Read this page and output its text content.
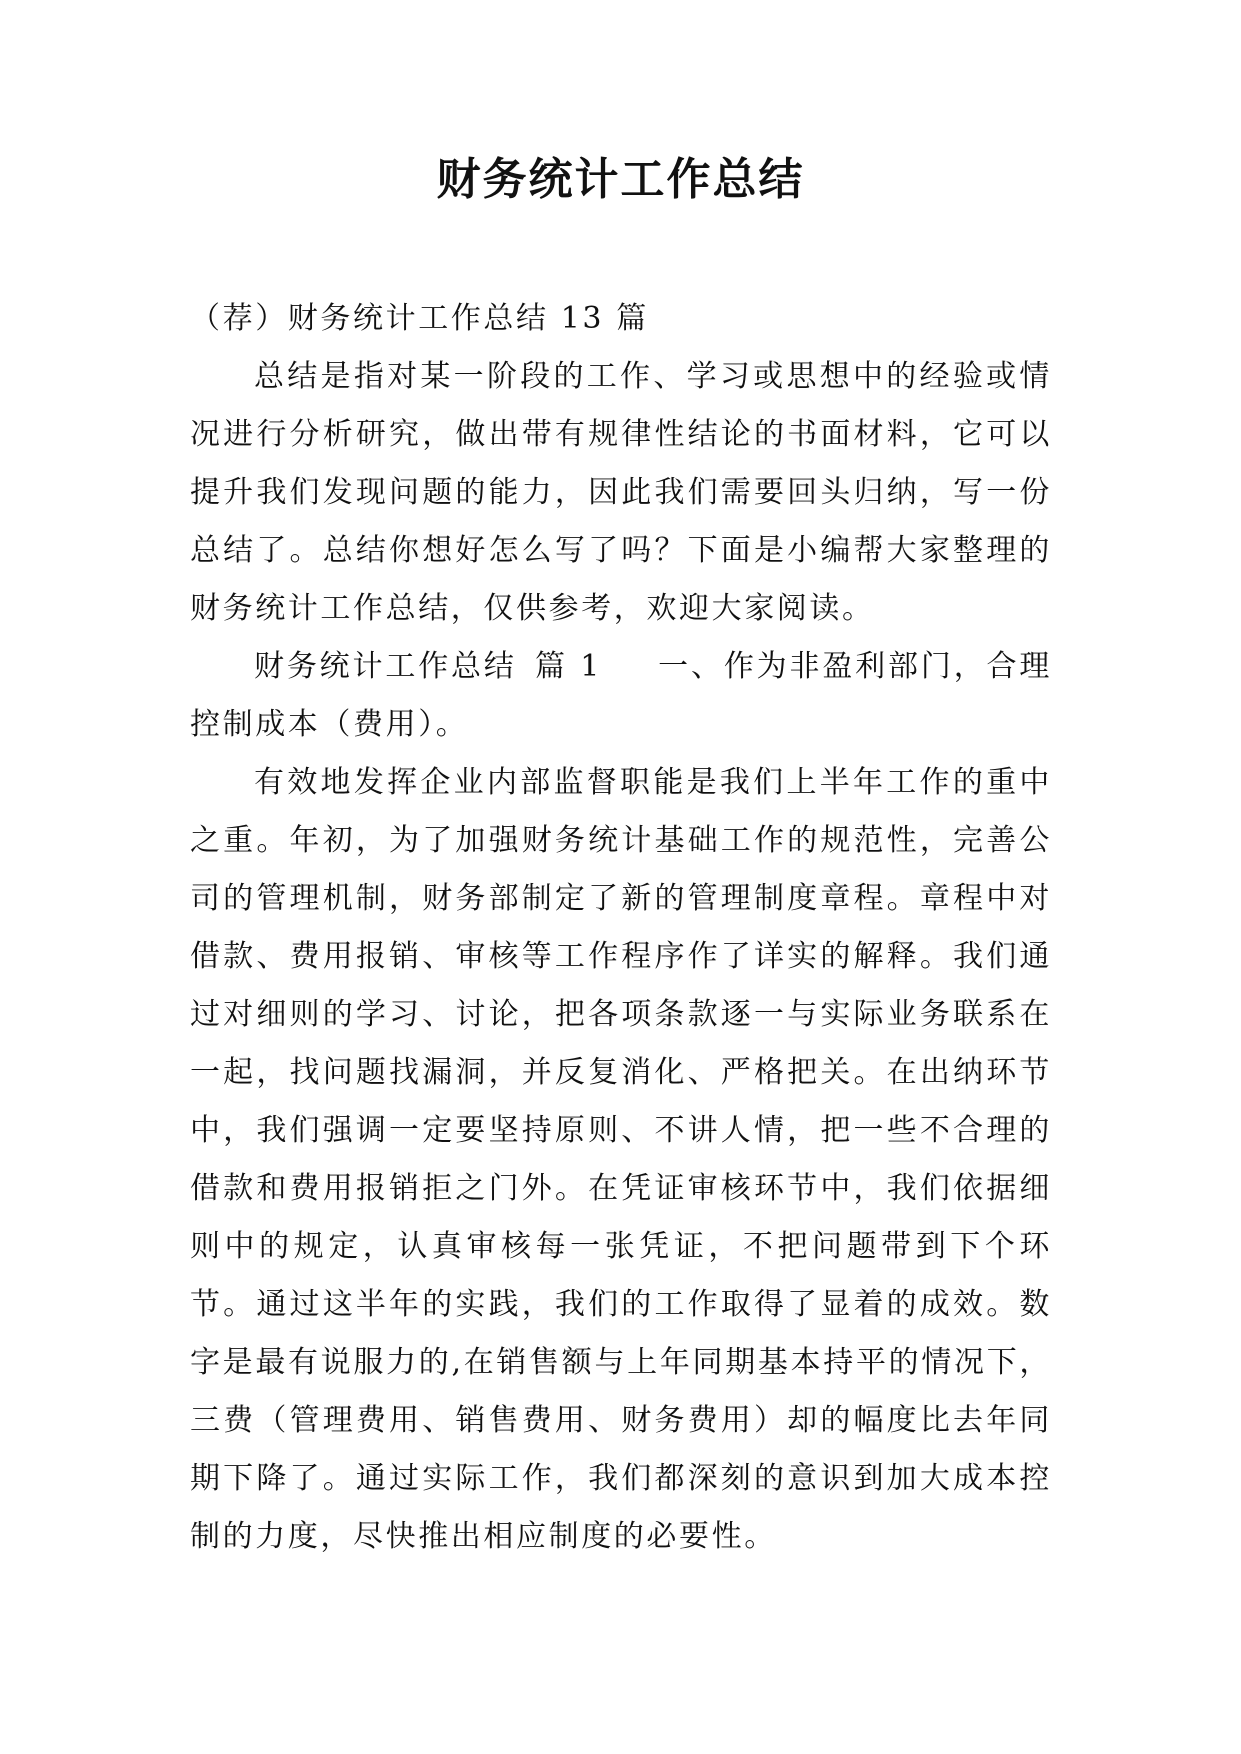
财务统计工作总结

（荐）财务统计工作总结 13 篇

总结是指对某一阶段的工作、学习或思想中的经验或情况进行分析研究，做出带有规律性结论的书面材料，它可以提升我们发现问题的能力，因此我们需要回头归纳，写一份总结了。总结你想好怎么写了吗？下面是小编帮大家整理的财务统计工作总结，仅供参考，欢迎大家阅读。

财务统计工作总结 篇 1 一、作为非盈利部门，合理控制成本（费用）。

有效地发挥企业内部监督职能是我们上半年工作的重中之重。年初，为了加强财务统计基础工作的规范性，完善公司的管理机制，财务部制定了新的管理制度章程。章程中对借款、费用报销、审核等工作程序作了详实的解释。我们通过对细则的学习、讨论，把各项条款逐一与实际业务联系在一起，找问题找漏洞，并反复消化、严格把关。在出纳环节中，我们强调一定要坚持原则、不讲人情，把一些不合理的借款和费用报销拒之门外。在凭证审核环节中，我们依据细则中的规定，认真审核每一张凭证，不把问题带到下个环节。通过这半年的实践，我们的工作取得了显着的成效。数字是最有说服力的,在销售额与上年同期基本持平的情况下，三费（管理费用、销售费用、财务费用）却的幅度比去年同期下降了。通过实际工作，我们都深刻的意识到加大成本控制的力度，尽快推出相应制度的必要性。
